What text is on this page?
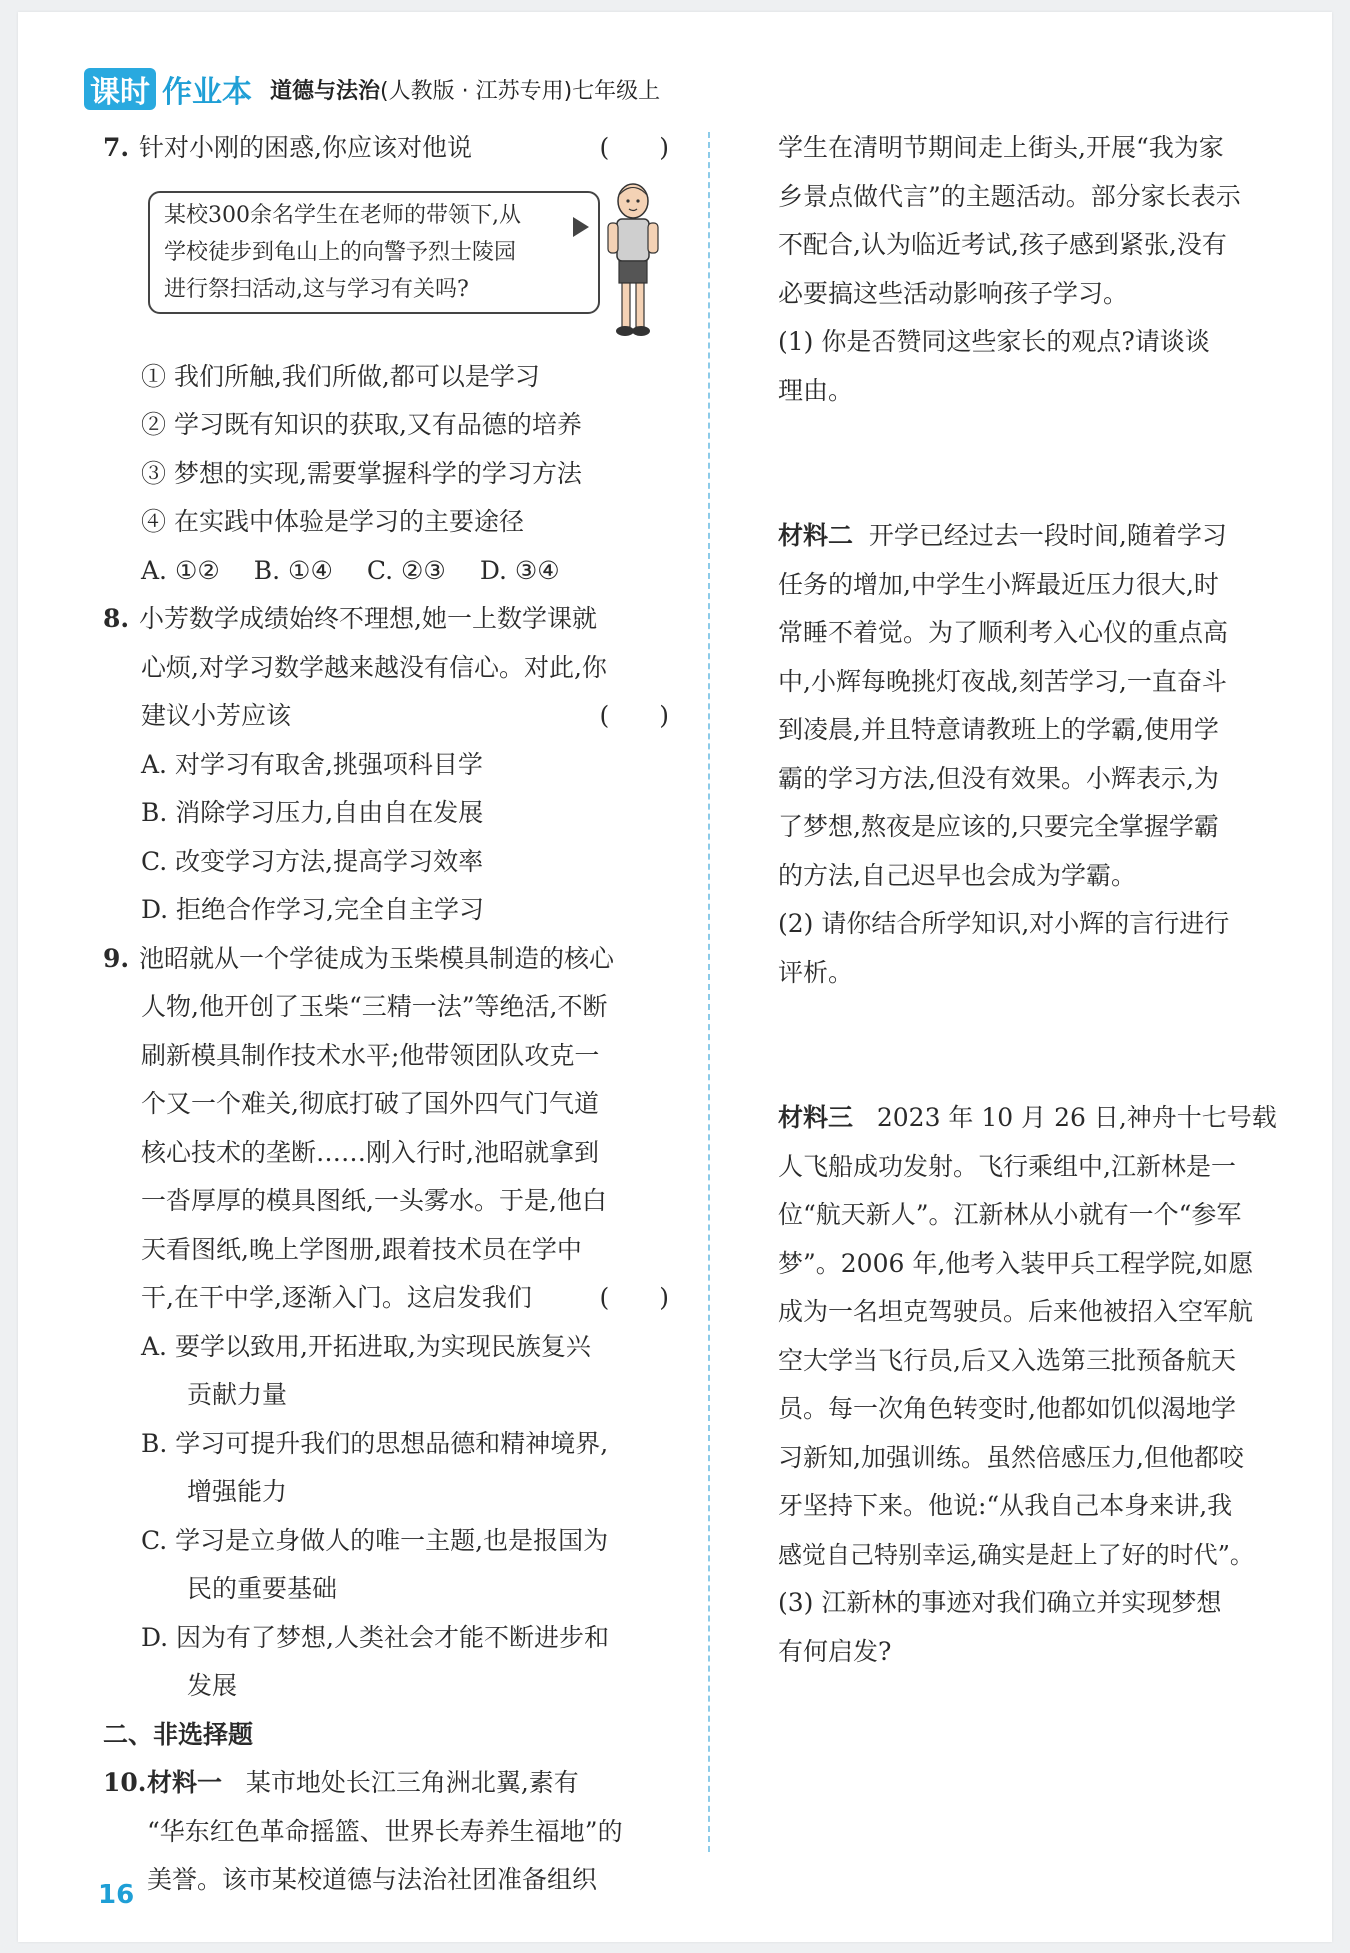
课时 作业本 道德与法治 (人教版 · 江苏专用)七年级上
7. 针对小刚的困惑,你应该对他说	(　　)
某校300余名学生在老师的带领下,从
学校徒步到龟山上的向警予烈士陵园
进行祭扫活动,这与学习有关吗?
① 我们所触,我们所做,都可以是学习
② 学习既有知识的获取,又有品德的培养
③ 梦想的实现,需要掌握科学的学习方法
④ 在实践中体验是学习的主要途径
A. ①② B. ①④ C. ②③ D. ③④
8. 小芳数学成绩始终不理想,她一上数学课就
心烦,对学习数学越来越没有信心。对此,你
建议小芳应该	(　　)
A. 对学习有取舍,挑强项科目学
B. 消除学习压力,自由自在发展
C. 改变学习方法,提高学习效率
D. 拒绝合作学习,完全自主学习
9. 池昭就从一个学徒成为玉柴模具制造的核心
人物,他开创了玉柴“三精一法”等绝活,不断
刷新模具制作技术水平;他带领团队攻克一
个又一个难关,彻底打破了国外四气门气道
核心技术的垄断……刚入行时,池昭就拿到
一沓厚厚的模具图纸,一头雾水。于是,他白
天看图纸,晚上学图册,跟着技术员在学中
干,在干中学,逐渐入门。这启发我们	(　　)
A. 要学以致用,开拓进取,为实现民族复兴
贡献力量
B. 学习可提升我们的思想品德和精神境界,
增强能力
C. 学习是立身做人的唯一主题,也是报国为
民的重要基础
D. 因为有了梦想,人类社会才能不断进步和
发展
二、非选择题
10.材料一 某市地处长江三角洲北翼,素有
“华东红色革命摇篮、世界长寿养生福地”的
美誉。该市某校道德与法治社团准备组织
学生在清明节期间走上街头,开展“我为家
乡景点做代言”的主题活动。部分家长表示
不配合,认为临近考试,孩子感到紧张,没有
必要搞这些活动影响孩子学习。
(1) 你是否赞同这些家长的观点?请谈谈
理由。
材料二 开学已经过去一段时间,随着学习
任务的增加,中学生小辉最近压力很大,时
常睡不着觉。为了顺利考入心仪的重点高
中,小辉每晚挑灯夜战,刻苦学习,一直奋斗
到凌晨,并且特意请教班上的学霸,使用学
霸的学习方法,但没有效果。小辉表示,为
了梦想,熬夜是应该的,只要完全掌握学霸
的方法,自己迟早也会成为学霸。
(2) 请你结合所学知识,对小辉的言行进行
评析。
材料三 2023 年 10 月 26 日,神舟十七号载
人飞船成功发射。飞行乘组中,江新林是一
位“航天新人”。江新林从小就有一个“参军
梦”。2006 年,他考入装甲兵工程学院,如愿
成为一名坦克驾驶员。后来他被招入空军航
空大学当飞行员,后又入选第三批预备航天
员。每一次角色转变时,他都如饥似渴地学
习新知,加强训练。虽然倍感压力,但他都咬
牙坚持下来。他说:“从我自己本身来讲,我
感觉自己特别幸运,确实是赶上了好的时代”。
(3) 江新林的事迹对我们确立并实现梦想
有何启发?
16
